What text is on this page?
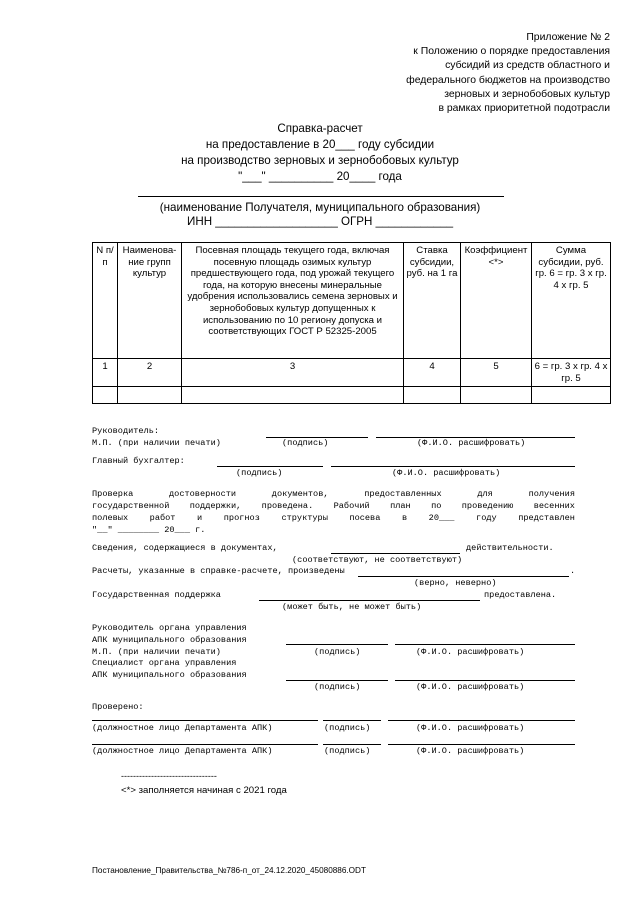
Приложение № 2
к Положению о порядке предоставления
субсидий из средств областного и
федерального бюджетов на производство
зерновых и зернобобовых культур
в рамках приоритетной подотрасли
Справка-расчет
на предоставление в 20___ году субсидии
на производство зерновых и зернобобовых культур
"___" __________ 20____ года
(наименование Получателя, муниципального образования)
ИНН ___________________ ОГРН ____________
N п/п	Наименова-ние групп культур	Посевная площадь текущего года, включая посевную площадь озимых культур предшествующего года, под урожай текущего года, на которую внесены минеральные удобрения использовались семена зерновых и зернобобовых культур допущенных к использованию по 10 региону допуска и соответствующих ГОСТ Р 52325-2005	Ставка субсидии, руб. на 1 га	Коэффициент <*>	Сумма субсидии, руб. гр. 6 = гр. 3 x гр. 4 x гр. 5
1	2	3	4	5	6 = гр. 3 x гр. 4 x гр. 5

Руководитель:
М.П. (при наличии печати)	(подпись)	(Ф.И.О. расшифровать)
Главный бухгалтер:
(подпись)	(Ф.И.О. расшифровать)
Проверка	достоверности	документов,	предоставленных	для	получения
государственной поддержки, проведена. Рабочий план по проведению весенних
полевых	работ	и	прогноз	структуры	посева	в	20___	году	представлен
"__" ________ 20___ г.
Сведения, содержащиеся в документах,	действительности.
(соответствуют, не соответствуют)
Расчеты, указанные в справке-расчете, произведены	.
(верно, неверно)
Государственная поддержка	предоставлена.
(может быть, не может быть)
Руководитель органа управления
АПК муниципального образования
М.П. (при наличии печати)	(подпись)	(Ф.И.О. расшифровать)
Специалист органа управления
АПК муниципального образования
(подпись)	(Ф.И.О. расшифровать)
Проверено:
(должностное лицо Департамента АПК)	(подпись)	(Ф.И.О. расшифровать)
(должностное лицо Департамента АПК)	(подпись)	(Ф.И.О. расшифровать)
--------------------------------
<*> заполняется начиная с 2021 года
Постановление_Правительства_№786-п_от_24.12.2020_45080886.ODT
